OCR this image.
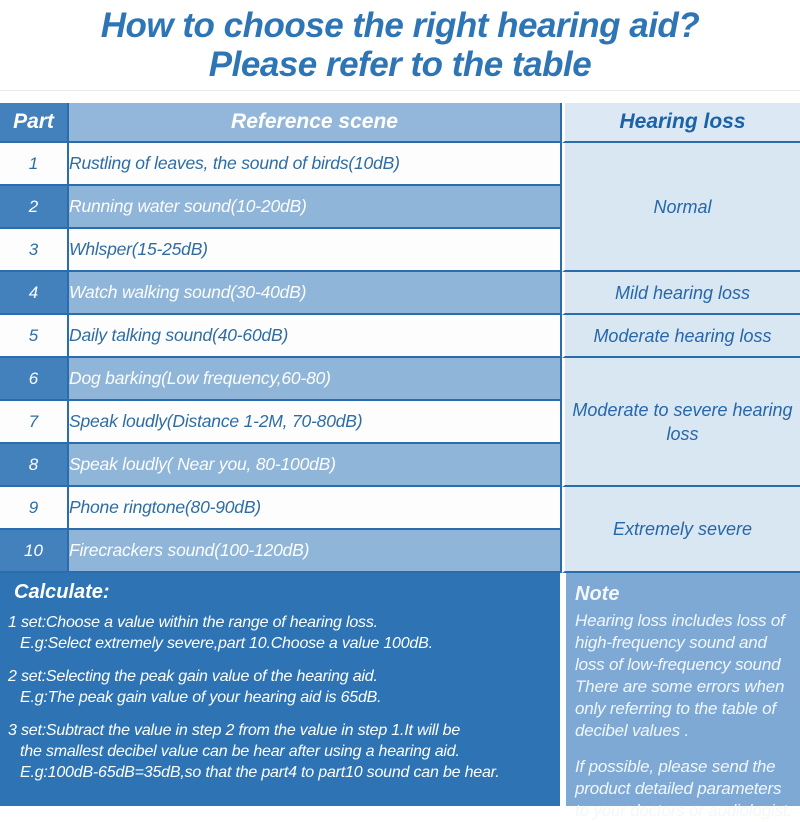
How to choose the right hearing aid?
Please refer to the table
Part	Reference scene	Hearing loss
1	Rustling of leaves, the sound of birds(10dB)	Normal
2	Running water sound(10-20dB)	
3	Whlsper(15-25dB)	
4	Watch walking sound(30-40dB)	Mild hearing loss
5	Daily talking sound(40-60dB)	Moderate hearing loss
6	Dog barking(Low frequency,60-80)	Moderate to severe hearing loss
7	Speak loudly(Distance 1-2M, 70-80dB)	
8	Speak loudly( Near you, 80-100dB)	
9	Phone ringtone(80-90dB)	Extremely severe
10	Firecrackers sound(100-120dB)	
Calculate:
1 set:Choose a value within the range of hearing loss.
E.g:Select extremely severe,part 10.Choose a value 100dB.
2 set:Selecting the peak gain value of the hearing aid.
E.g:The peak gain value of your hearing aid is 65dB.
3 set:Subtract the value in step 2 from the value in step 1.It will be
the smallest decibel value can be hear after using a hearing aid.
E.g:100dB-65dB=35dB,so that the part4 to part10 sound can be hear.
Note
Hearing loss includes loss of high-frequency sound and loss of low-frequency sound There are some errors when only referring to the table of decibel values .
If possible, please send the product detailed parameters to your doctors or audiologist.
